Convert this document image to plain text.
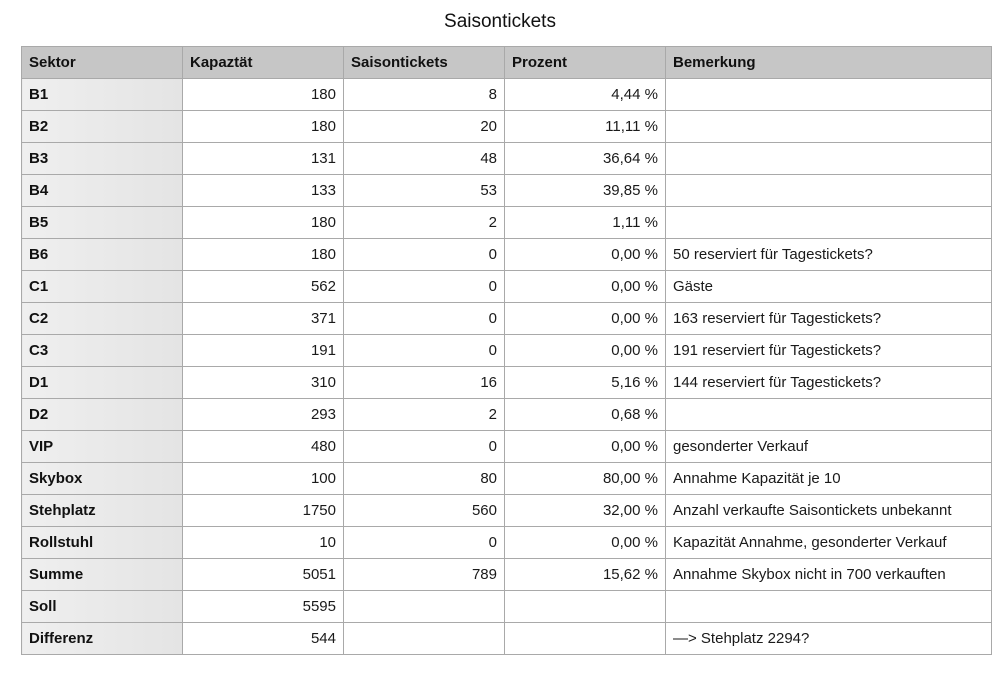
Saisontickets
Sektor	Kapaztät	Saisontickets	Prozent	Bemerkung
B1	180	8	4,44 %	
B2	180	20	11,11 %	
B3	131	48	36,64 %	
B4	133	53	39,85 %	
B5	180	2	1,11 %	
B6	180	0	0,00 %	50 reserviert für Tagestickets?
C1	562	0	0,00 %	Gäste
C2	371	0	0,00 %	163 reserviert für Tagestickets?
C3	191	0	0,00 %	191 reserviert für Tagestickets?
D1	310	16	5,16 %	144 reserviert für Tagestickets?
D2	293	2	0,68 %	
VIP	480	0	0,00 %	gesonderter Verkauf
Skybox	100	80	80,00 %	Annahme Kapazität je 10
Stehplatz	1750	560	32,00 %	Anzahl verkaufte Saisontickets unbekannt
Rollstuhl	10	0	0,00 %	Kapazität Annahme, gesonderter Verkauf
Summe	5051	789	15,62 %	Annahme Skybox nicht in 700 verkauften
Soll	5595			
Differenz	544			—> Stehplatz 2294?
